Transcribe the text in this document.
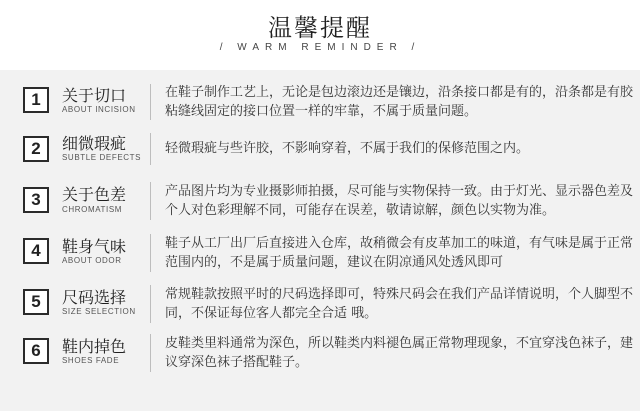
温馨提醒
/ WARM REMINDER /
1	关于切口
ABOUT INCISION
在鞋子制作工艺上，无论是包边滚边还是镶边，沿条接口都是有的，沿条都是有胶粘缝线固定的接口位置一样的牢靠，不属于质量问题。
2	细微瑕疵
SUBTLE DEFECTS
轻微瑕疵与些许胶，不影响穿着，不属于我们的保修范围之内。
3	关于色差
CHROMATISM
产品图片均为专业摄影师拍摄，尽可能与实物保持一致。由于灯光、显示器色差及个人对色彩理解不同，可能存在误差，敬请谅解，颜色以实物为准。
4	鞋身气味
ABOUT ODOR
鞋子从工厂出厂后直接进入仓库，故稍微会有皮革加工的味道，有气味是属于正常范围内的，不是属于质量问题，建议在阴凉通风处透风即可
5	尺码选择
SIZE SELECTION
常规鞋款按照平时的尺码选择即可，特殊尺码会在我们产品详情说明，个人脚型不同，不保证每位客人都完全合适 哦。
6	鞋内掉色
SHOES FADE
皮鞋类里料通常为深色，所以鞋类内料褪色属正常物理现象，不宜穿浅色袜子，建议穿深色袜子搭配鞋子。
